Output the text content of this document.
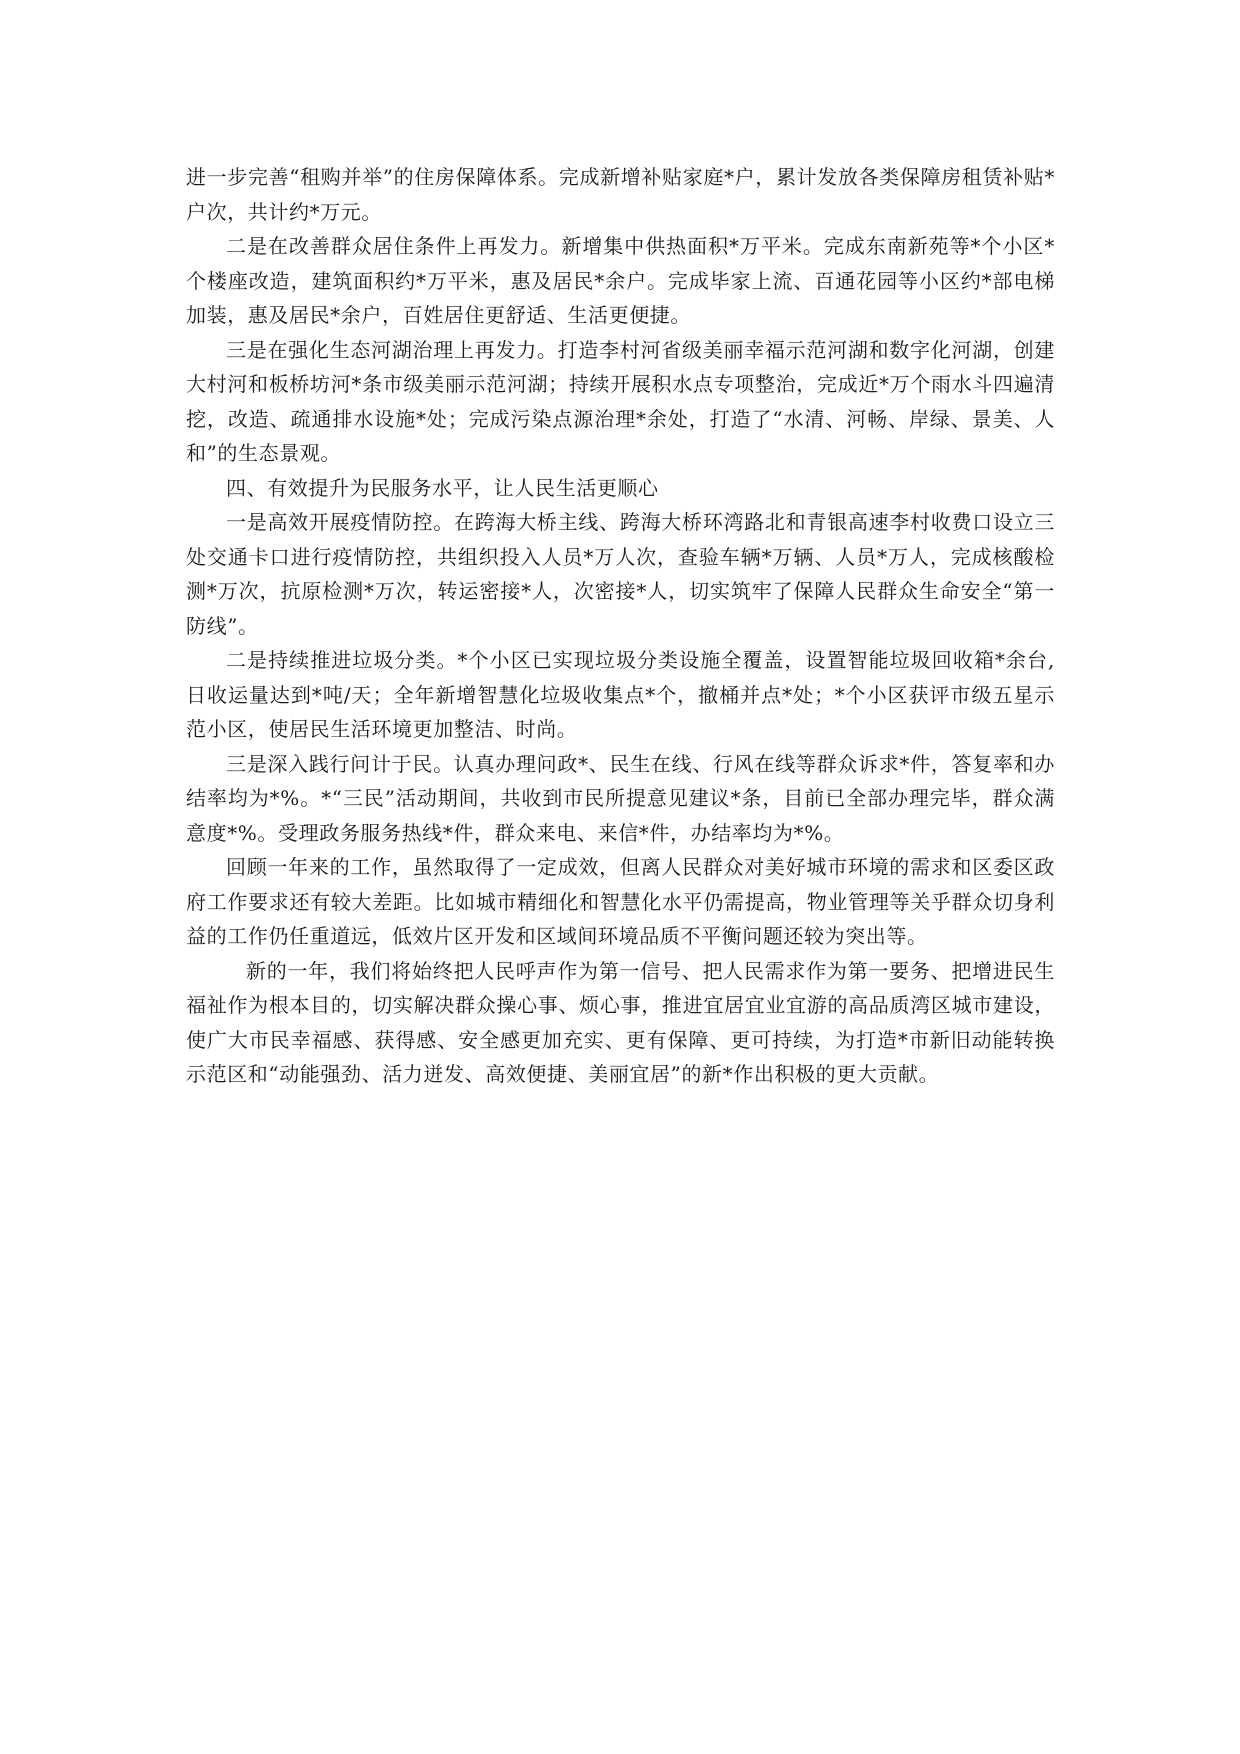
进一步完善“租购并举”的住房保障体系。完成新增补贴家庭*户，累计发放各类保障房租赁补贴*户次，共计约*万元。

二是在改善群众居住条件上再发力。新增集中供热面积*万平米。完成东南新苑等*个小区*个楼座改造，建筑面积约*万平米，惠及居民*余户。完成毕家上流、百通花园等小区约*部电梯加装，惠及居民*余户，百姓居住更舒适、生活更便捷。

三是在强化生态河湖治理上再发力。打造李村河省级美丽幸福示范河湖和数字化河湖，创建大村河和板桥坊河*条市级美丽示范河湖；持续开展积水点专项整治，完成近*万个雨水斗四遍清挖，改造、疏通排水设施*处；完成污染点源治理*余处，打造了“水清、河畅、岸绿、景美、人和”的生态景观。

四、有效提升为民服务水平，让人民生活更顺心

一是高效开展疫情防控。在跨海大桥主线、跨海大桥环湾路北和青银高速李村收费口设立三处交通卡口进行疫情防控，共组织投入人员*万人次，查验车辆*万辆、人员*万人，完成核酸检测*万次，抗原检测*万次，转运密接*人，次密接*人，切实筑牢了保障人民群众生命安全“第一防线”。

二是持续推进垃圾分类。*个小区已实现垃圾分类设施全覆盖，设置智能垃圾回收箱*余台,日收运量达到*吨/天；全年新增智慧化垃圾收集点*个，撤桶并点*处；*个小区获评市级五星示范小区，使居民生活环境更加整洁、时尚。

三是深入践行问计于民。认真办理问政*、民生在线、行风在线等群众诉求*件，答复率和办结率均为*%。*“三民”活动期间，共收到市民所提意见建议*条，目前已全部办理完毕，群众满意度*%。受理政务服务热线*件，群众来电、来信*件，办结率均为*%。

回顾一年来的工作，虽然取得了一定成效，但离人民群众对美好城市环境的需求和区委区政府工作要求还有较大差距。比如城市精细化和智慧化水平仍需提高，物业管理等关乎群众切身利益的工作仍任重道远，低效片区开发和区域间环境品质不平衡问题还较为突出等。

新的一年，我们将始终把人民呼声作为第一信号、把人民需求作为第一要务、把增进民生福祉作为根本目的，切实解决群众操心事、烦心事，推进宜居宜业宜游的高品质湾区城市建设，使广大市民幸福感、获得感、安全感更加充实、更有保障、更可持续，为打造*市新旧动能转换示范区和“动能强劲、活力迸发、高效便捷、美丽宜居”的新*作出积极的更大贡献。
